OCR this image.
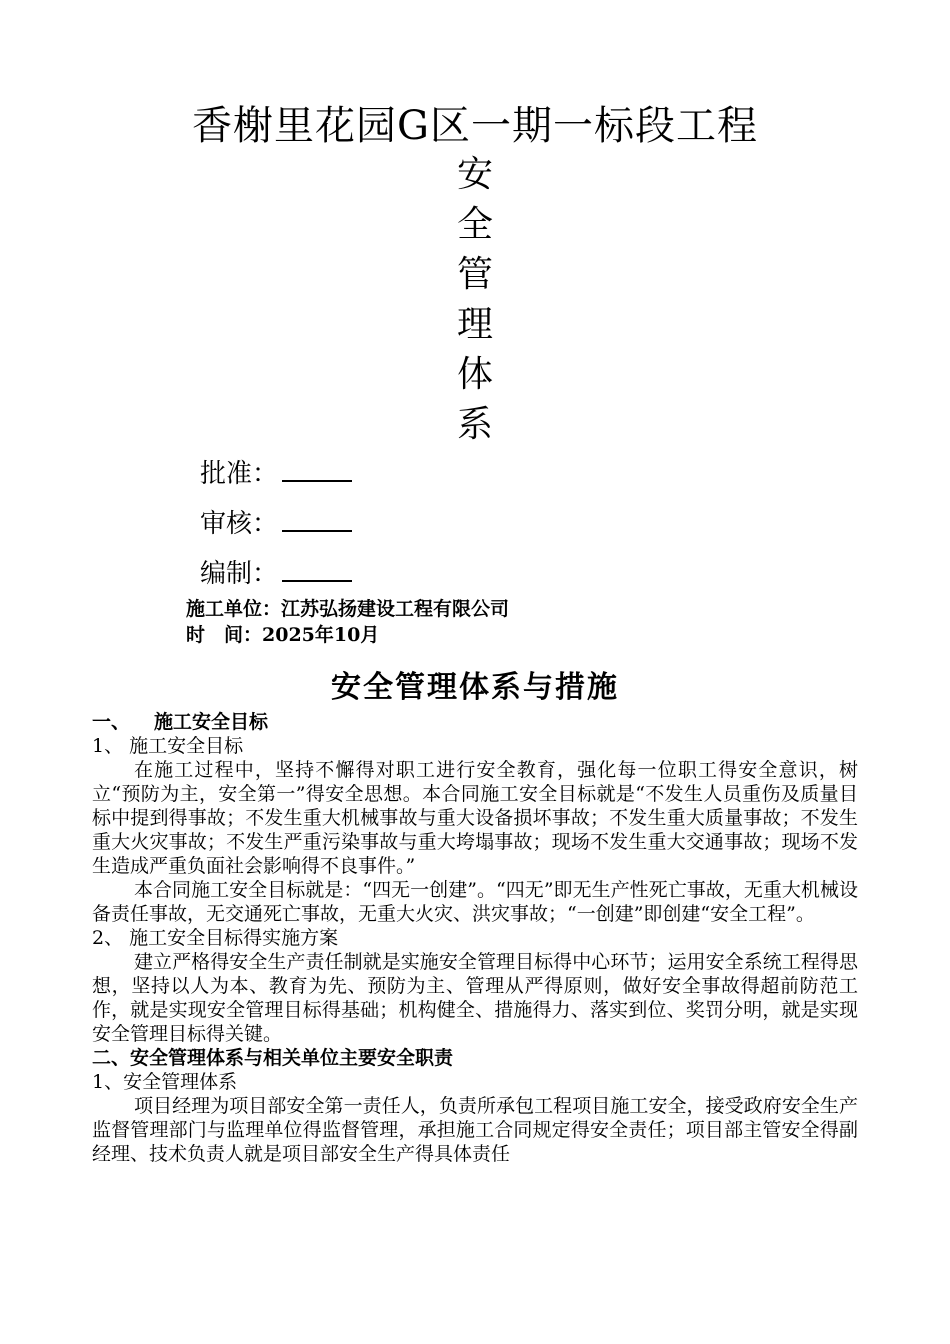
香榭里花园G区一期一标段工程
安
全
管
理
体
系
批准：
审核：
编制：
施工单位：江苏弘扬建设工程有限公司
时　间：2025年10月
安全管理体系与措施

一、 施工安全目标

1、 施工安全目标

在施工过程中，坚持不懈得对职工进行安全教育，强化每一位职工得安全意识，树立“预防为主，安全第一”得安全思想。本合同施工安全目标就是“不发生人员重伤及质量目标中提到得事故；不发生重大机械事故与重大设备损坏事故；不发生重大质量事故；不发生重大火灾事故；不发生严重污染事故与重大垮塌事故；现场不发生重大交通事故；现场不发生造成严重负面社会影响得不良事件。”

本合同施工安全目标就是：“四无一创建”。“四无”即无生产性死亡事故，无重大机械设备责任事故，无交通死亡事故，无重大火灾、洪灾事故；“一创建”即创建“安全工程”。

2、 施工安全目标得实施方案

建立严格得安全生产责任制就是实施安全管理目标得中心环节；运用安全系统工程得思想，坚持以人为本、教育为先、预防为主、管理从严得原则，做好安全事故得超前防范工作，就是实现安全管理目标得基础；机构健全、措施得力、落实到位、奖罚分明，就是实现安全管理目标得关键。

二、安全管理体系与相关单位主要安全职责

1、安全管理体系

项目经理为项目部安全第一责任人，负责所承包工程项目施工安全，接受政府安全生产监督管理部门与监理单位得监督管理，承担施工合同规定得安全责任；项目部主管安全得副经理、技术负责人就是项目部安全生产得具体责任
